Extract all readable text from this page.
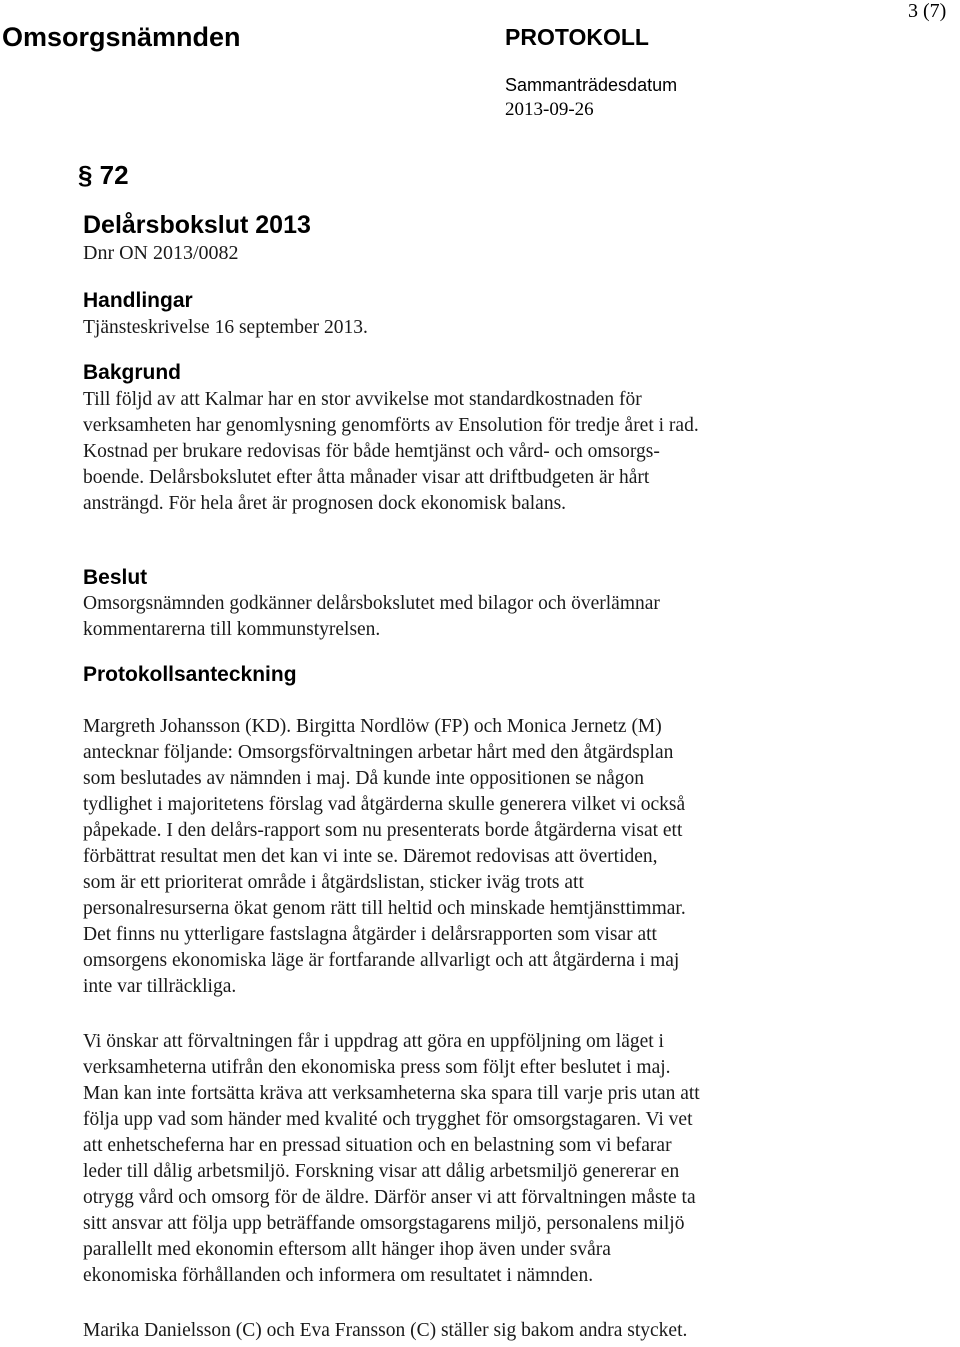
Omsorgsnämnden	PROTOKOLL
Sammanträdesdatum
2013-09-26
3 (7)
§ 72
Delårsbokslut 2013
Dnr ON 2013/0082
Handlingar
Tjänsteskrivelse 16 september 2013.
Bakgrund
Till följd av att Kalmar har en stor avvikelse mot standardkostnaden för
verksamheten har genomlysning genomförts av Ensolution för tredje året i rad.
Kostnad per brukare redovisas för både hemtjänst och vård- och omsorgs-
boende. Delårsbokslutet efter åtta månader visar att driftbudgeten är hårt
ansträngd. För hela året är prognosen dock ekonomisk balans.
Beslut
Omsorgsnämnden godkänner delårsbokslutet med bilagor och överlämnar
kommentarerna till kommunstyrelsen.
Protokollsanteckning
Margreth Johansson (KD). Birgitta Nordlöw (FP) och Monica Jernetz (M)
antecknar följande: Omsorgsförvaltningen arbetar hårt med den åtgärdsplan
som beslutades av nämnden i maj. Då kunde inte oppositionen se någon
tydlighet i majoritetens förslag vad åtgärderna skulle generera vilket vi också
påpekade. I den delårs-rapport som nu presenterats borde åtgärderna visat ett
förbättrat resultat men det kan vi inte se. Däremot redovisas att övertiden,
som är ett prioriterat område i åtgärdslistan, sticker iväg trots att
personalresurserna ökat genom rätt till heltid och minskade hemtjänsttimmar.
Det finns nu ytterligare fastslagna åtgärder i delårsrapporten som visar att
omsorgens ekonomiska läge är fortfarande allvarligt och att åtgärderna i maj
inte var tillräckliga.
Vi önskar att förvaltningen får i uppdrag att göra en uppföljning om läget i
verksamheterna utifrån den ekonomiska press som följt efter beslutet i maj.
Man kan inte fortsätta kräva att verksamheterna ska spara till varje pris utan att
följa upp vad som händer med kvalité och trygghet för omsorgstagaren. Vi vet
att enhetscheferna har en pressad situation och en belastning som vi befarar
leder till dålig arbetsmiljö. Forskning visar att dålig arbetsmiljö genererar en
otrygg vård och omsorg för de äldre. Därför anser vi att förvaltningen måste ta
sitt ansvar att följa upp beträffande omsorgstagarens miljö, personalens miljö
parallellt med ekonomin eftersom allt hänger ihop även under svåra
ekonomiska förhållanden och informera om resultatet i nämnden.
Marika Danielsson (C) och Eva Fransson (C) ställer sig bakom andra stycket.
